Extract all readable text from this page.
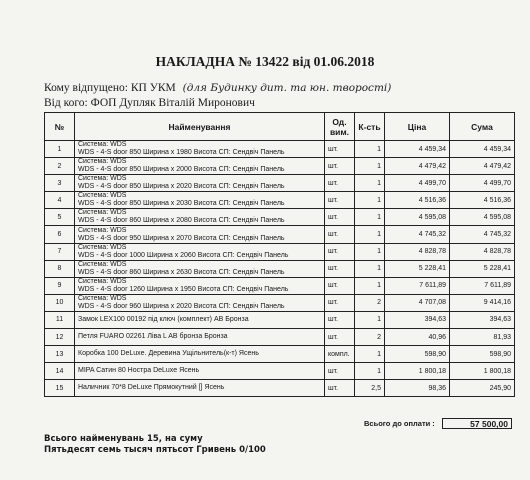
НАКЛАДНА № 13422 від 01.06.2018
Кому відпущено: КП УКМ (для Будинку дит. та юн. творості)
Від кого: ФОП Дупляк Віталій Миронович
№	Найменування	Од. вим.	К-сть	Ціна	Сума
1	Система: WDS
WDS - 4-S door 850 Ширина х 1980 Висота СП: Сендвіч Панель	шт.	1	4 459,34	4 459,34
2	Система: WDS
WDS - 4-S door 850 Ширина х 2000 Висота СП: Сендвіч Панель	шт.	1	4 479,42	4 479,42
3	Система: WDS
WDS - 4-S door 850 Ширина х 2020 Висота СП: Сендвіч Панель	шт.	1	4 499,70	4 499,70
4	Система: WDS
WDS - 4-S door 850 Ширина х 2030 Висота СП: Сендвіч Панель	шт.	1	4 516,36	4 516,36
5	Система: WDS
WDS - 4-S door 860 Ширина х 2080 Висота СП: Сендвіч Панель	шт.	1	4 595,08	4 595,08
6	Система: WDS
WDS - 4-S door 950 Ширина х 2070 Висота СП: Сендвіч Панель	шт.	1	4 745,32	4 745,32
7	Система: WDS
WDS - 4-S door 1000 Ширина х 2060 Висота СП: Сендвіч Панель	шт.	1	4 828,78	4 828,78
8	Система: WDS
WDS - 4-S door 860 Ширина х 2630 Висота СП: Сендвіч Панель	шт.	1	5 228,41	5 228,41
9	Система: WDS
WDS - 4-S door 1260 Ширина х 1950 Висота СП: Сендвіч Панель	шт.	1	7 611,89	7 611,89
10	Система: WDS
WDS - 4-S door 960 Ширина х 2020 Висота СП: Сендвіч Панель	шт.	2	4 707,08	9 414,16
11	Замок LEX100 00192 під ключ (комплект) AB Бронза	шт.	1	394,63	394,63
12	Петля FUARO 02261 Ліва L AB бронза Бронза	шт.	2	40,96	81,93
13	Коробка 100 DeLuxe. Деревина Ущільнитель(к-т) Ясень	компл.	1	598,90	598,90
14	MIPA Сатин 80 Нострa DeLuxe Ясень	шт.	1	1 800,18	1 800,18
15	Наличник 70*8 DeLuxe Прямокутний [] Ясень	шт.	2,5	98,36	245,90
Всього до оплати :	57 500,00
Всього найменувань 15, на суму
Пятьдесят семь тысяч пятьсот Гривень 0/100
